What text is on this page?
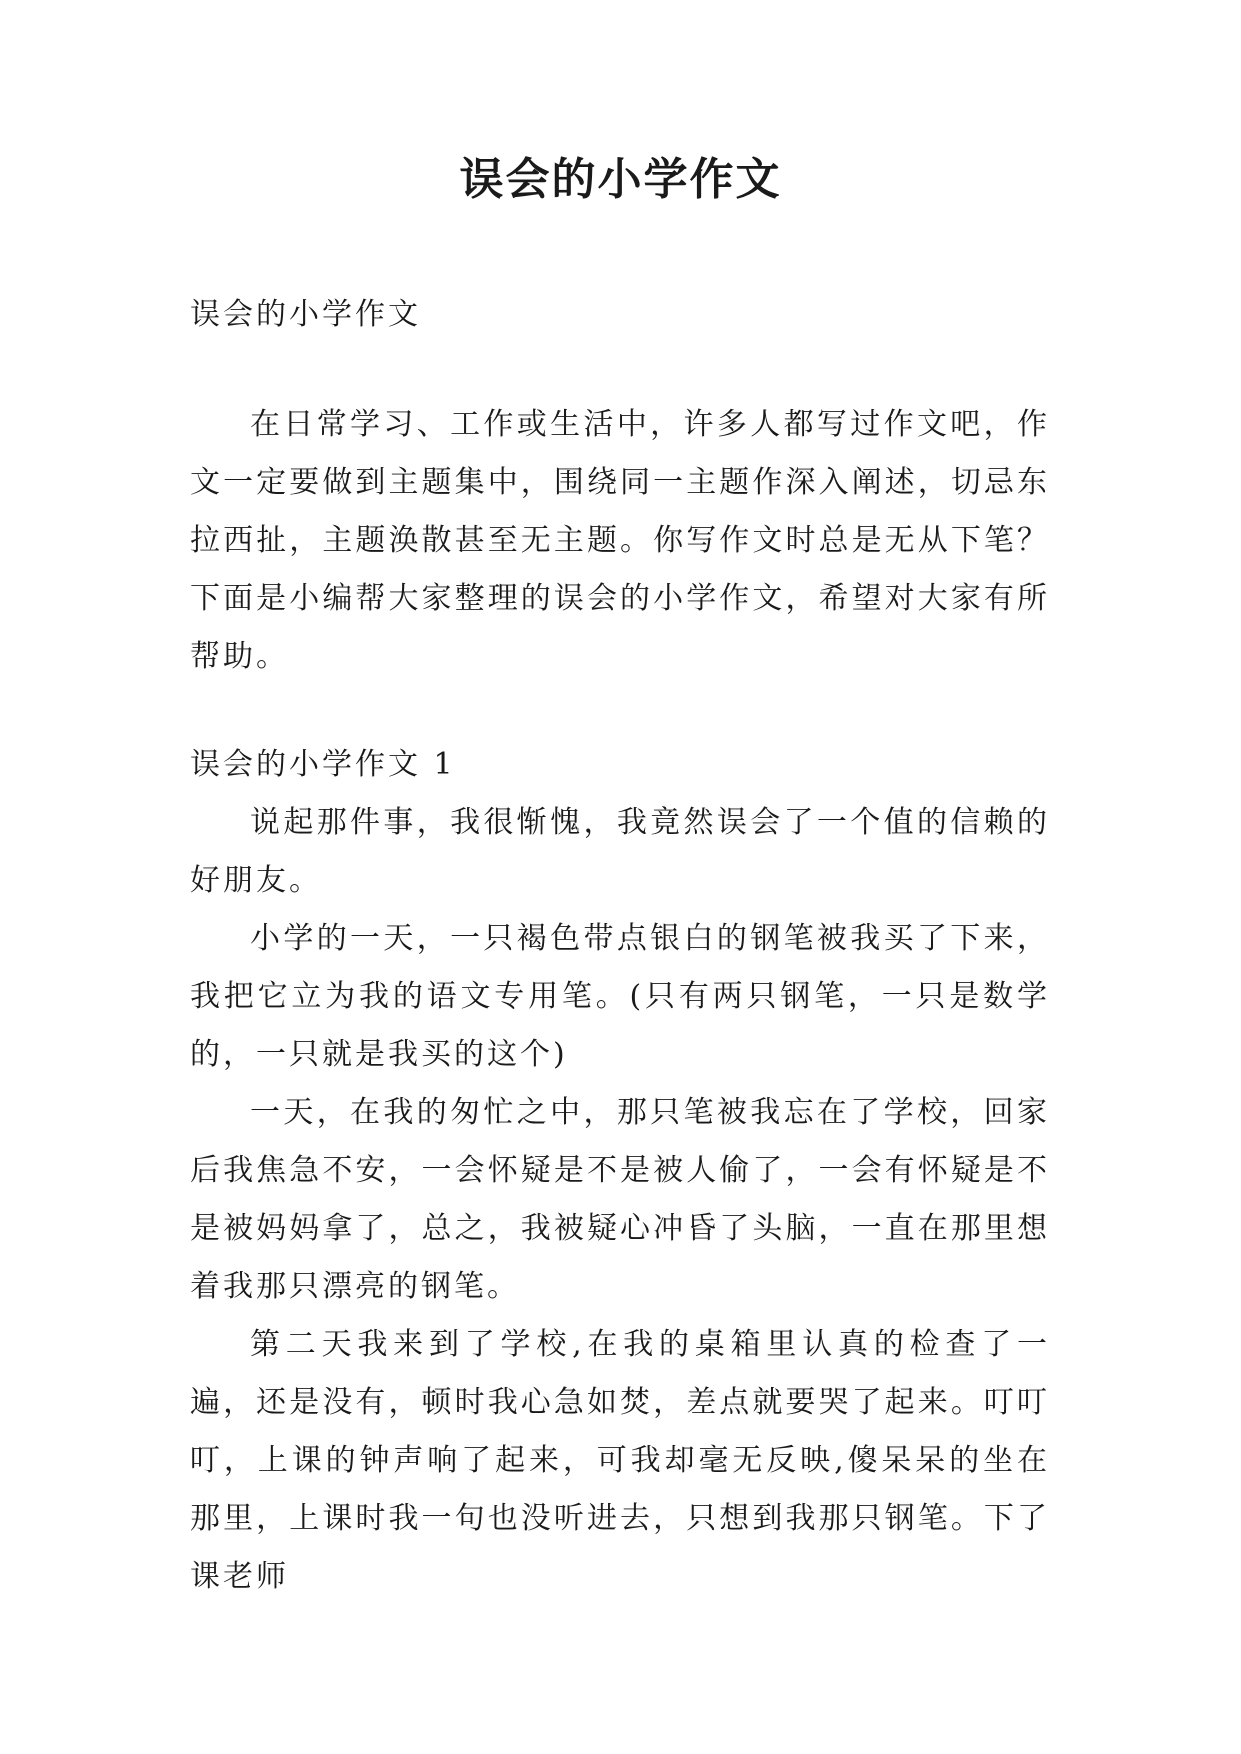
误会的小学作文

误会的小学作文

在日常学习、工作或生活中，许多人都写过作文吧，作文一定要做到主题集中，围绕同一主题作深入阐述，切忌东拉西扯，主题涣散甚至无主题。你写作文时总是无从下笔？下面是小编帮大家整理的误会的小学作文，希望对大家有所帮助。

误会的小学作文 1

说起那件事，我很惭愧，我竟然误会了一个值的信赖的好朋友。

小学的一天，一只褐色带点银白的钢笔被我买了下来，我把它立为我的语文专用笔。(只有两只钢笔，一只是数学的，一只就是我买的这个)

一天，在我的匆忙之中，那只笔被我忘在了学校，回家后我焦急不安，一会怀疑是不是被人偷了，一会有怀疑是不是被妈妈拿了，总之，我被疑心冲昏了头脑，一直在那里想着我那只漂亮的钢笔。

第二天我来到了学校,在我的桌箱里认真的检查了一遍，还是没有，顿时我心急如焚，差点就要哭了起来。叮叮叮，上课的钟声响了起来，可我却毫无反映,傻呆呆的坐在那里，上课时我一句也没听进去，只想到我那只钢笔。下了课老师
